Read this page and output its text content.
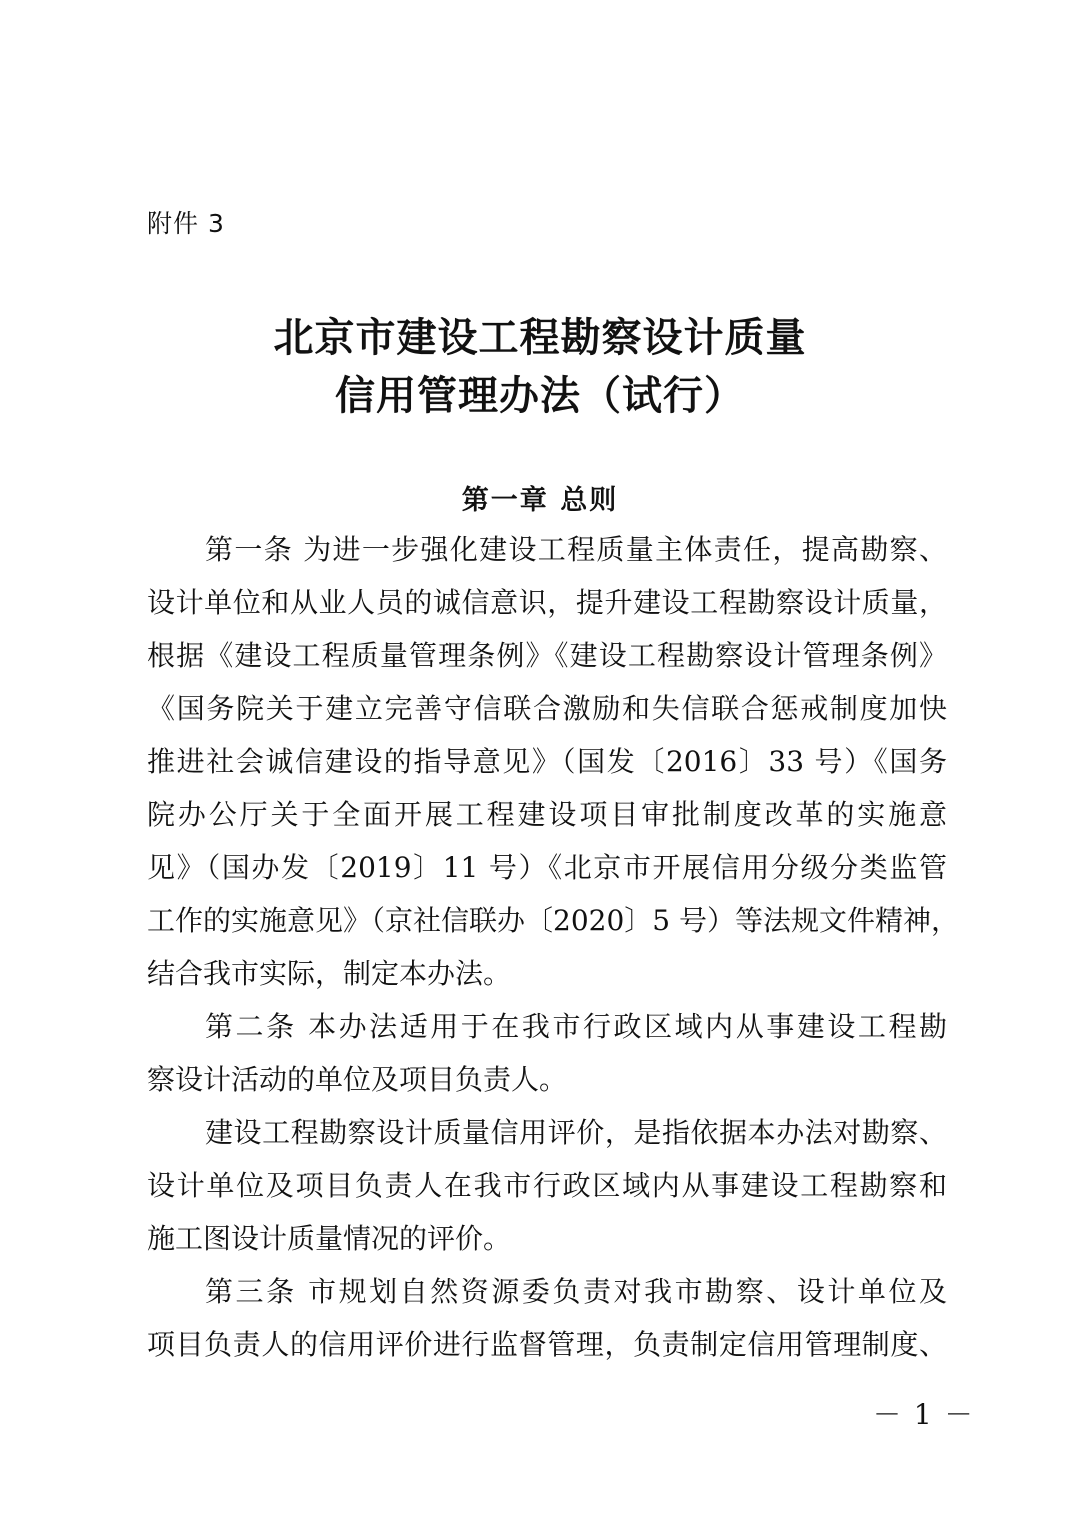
附件 3
北京市建设工程勘察设计质量
信用管理办法（试行）
第一章 总则
第一条 为进一步强化建设工程质量主体责任，提高勘察、
设计单位和从业人员的诚信意识，提升建设工程勘察设计质量，
根据《建设工程质量管理条例》《建设工程勘察设计管理条例》
《国务院关于建立完善守信联合激励和失信联合惩戒制度加快
推进社会诚信建设的指导意见》（国发〔2016〕33 号）《国务
院办公厅关于全面开展工程建设项目审批制度改革的实施意
见》（国办发〔2019〕11 号）《北京市开展信用分级分类监管
工作的实施意见》（京社信联办〔2020〕5 号）等法规文件精神，
结合我市实际，制定本办法。
第二条 本办法适用于在我市行政区域内从事建设工程勘
察设计活动的单位及项目负责人。
建设工程勘察设计质量信用评价，是指依据本办法对勘察、
设计单位及项目负责人在我市行政区域内从事建设工程勘察和
施工图设计质量情况的评价。
第三条 市规划自然资源委负责对我市勘察、设计单位及
项目负责人的信用评价进行监督管理，负责制定信用管理制度、
－ 1 －
